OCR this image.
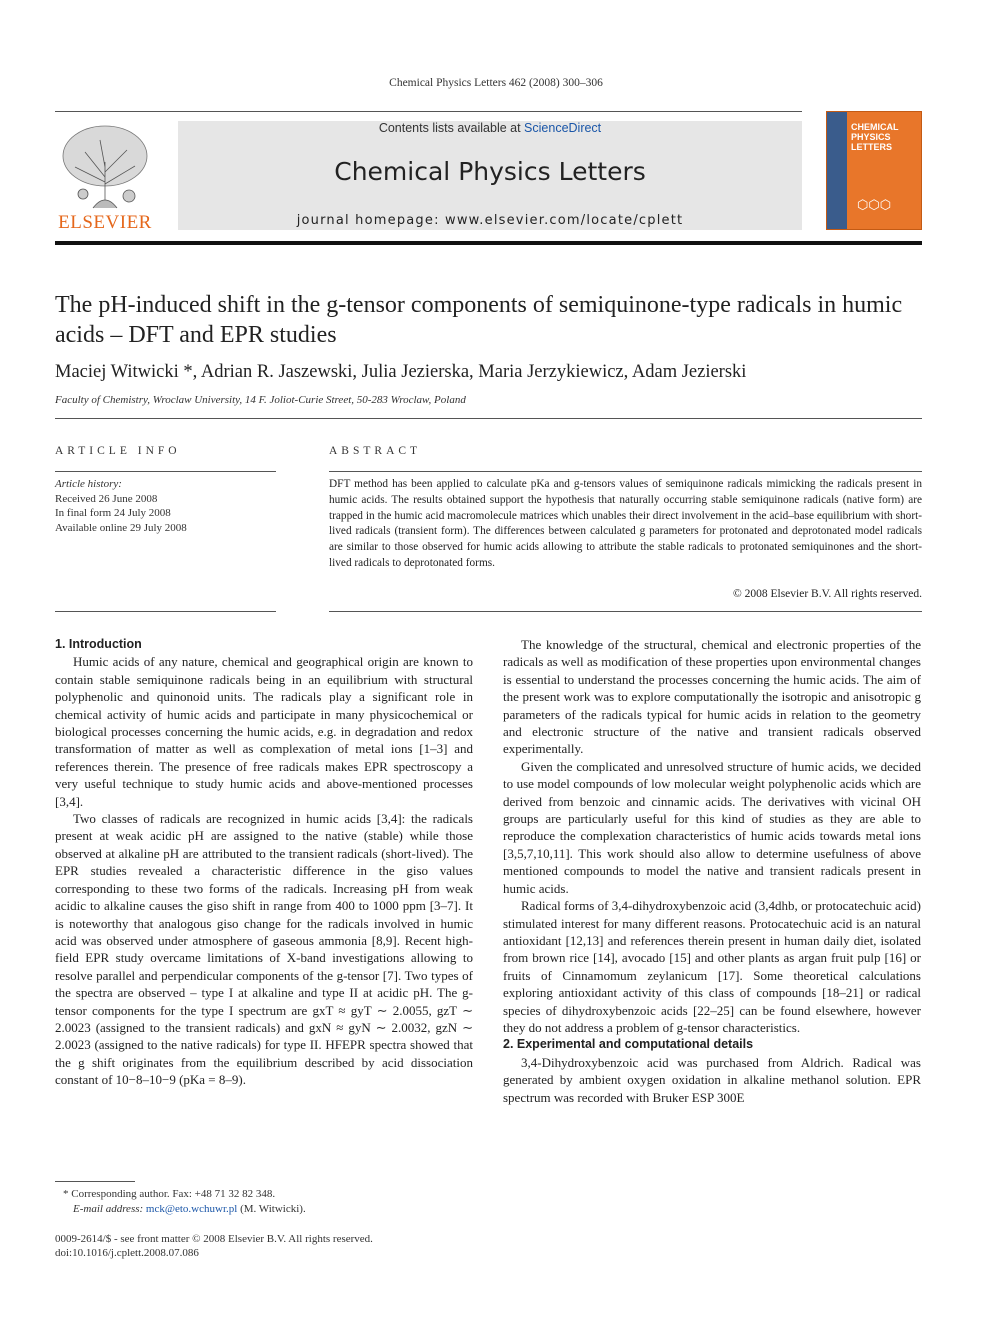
Chemical Physics Letters 462 (2008) 300–306
ELSEVIER
Contents lists available at ScienceDirect
Chemical Physics Letters
journal homepage: www.elsevier.com/locate/cplett
CHEMICAL
PHYSICS
LETTERS
⬡⬡⬡
The pH-induced shift in the g-tensor components of semiquinone-type radicals in humic acids – DFT and EPR studies
Maciej Witwicki *, Adrian R. Jaszewski, Julia Jezierska, Maria Jerzykiewicz, Adam Jezierski
Faculty of Chemistry, Wroclaw University, 14 F. Joliot-Curie Street, 50-283 Wroclaw, Poland
ARTICLE INFO	ABSTRACT
Article history:
Received 26 June 2008
In final form 24 July 2008
Available online 29 July 2008
DFT method has been applied to calculate pKa and g-tensors values of semiquinone radicals mimicking the radicals present in humic acids. The results obtained support the hypothesis that naturally occurring stable semiquinone radicals (native form) are trapped in the humic acid macromolecule matrices which unables their direct involvement in the acid–base equilibrium with short-lived radicals (transient form). The differences between calculated g parameters for protonated and deprotonated model radicals are similar to those observed for humic acids allowing to attribute the stable radicals to protonated semiquinones and the short-lived radicals to deprotonated forms.
© 2008 Elsevier B.V. All rights reserved.

1. Introduction

Humic acids of any nature, chemical and geographical origin are known to contain stable semiquinone radicals being in an equilibrium with structural polyphenolic and quinonoid units. The radicals play a significant role in chemical activity of humic acids and participate in many physicochemical or biological processes concerning the humic acids, e.g. in degradation and redox transformation of matter as well as complexation of metal ions [1–3] and references therein. The presence of free radicals makes EPR spectroscopy a very useful technique to study humic acids and above-mentioned processes [3,4].

Two classes of radicals are recognized in humic acids [3,4]: the radicals present at weak acidic pH are assigned to the native (stable) while those observed at alkaline pH are attributed to the transient radicals (short-lived). The EPR studies revealed a characteristic difference in the giso values corresponding to these two forms of the radicals. Increasing pH from weak acidic to alkaline causes the giso shift in range from 400 to 1000 ppm [3–7]. It is noteworthy that analogous giso change for the radicals involved in humic acid was observed under atmosphere of gaseous ammonia [8,9]. Recent high-field EPR study overcame limitations of X-band investigations allowing to resolve parallel and perpendicular components of the g-tensor [7]. Two types of the spectra are observed – type I at alkaline and type II at acidic pH. The g-tensor components for the type I spectrum are gxT ≈ gyT ∼ 2.0055, gzT ∼ 2.0023 (assigned to the transient radicals) and gxN ≈ gyN ∼ 2.0032, gzN ∼ 2.0023 (assigned to the native radicals) for type II. HFEPR spectra showed that the g shift originates from the equilibrium described by acid dissociation constant of 10−8–10−9 (pKa = 8–9).

The knowledge of the structural, chemical and electronic properties of the radicals as well as modification of these properties upon environmental changes is essential to understand the processes concerning the humic acids. The aim of the present work was to explore computationally the isotropic and anisotropic g parameters of the radicals typical for humic acids in relation to the geometry and electronic structure of the native and transient radicals observed experimentally.

Given the complicated and unresolved structure of humic acids, we decided to use model compounds of low molecular weight polyphenolic acids which are derived from benzoic and cinnamic acids. The derivatives with vicinal OH groups are particularly useful for this kind of studies as they are able to reproduce the complexation characteristics of humic acids towards metal ions [3,5,7,10,11]. This work should also allow to determine usefulness of above mentioned compounds to model the native and transient radicals present in humic acids.

Radical forms of 3,4-dihydroxybenzoic acid (3,4dhb, or protocatechuic acid) stimulated interest for many different reasons. Protocatechuic acid is an natural antioxidant [12,13] and references therein present in human daily diet, isolated from brown rice [14], avocado [15] and other plants as argan fruit pulp [16] or fruits of Cinnamomum zeylanicum [17]. Some theoretical calculations exploring antioxidant activity of this class of compounds [18–21] or radical species of dihydroxybenzoic acids [22–25] can be found elsewhere, however they do not address a problem of g-tensor characteristics.

2. Experimental and computational details

3,4-Dihydroxybenzoic acid was purchased from Aldrich. Radical was generated by ambient oxygen oxidation in alkaline methanol solution. EPR spectrum was recorded with Bruker ESP 300E

* Corresponding author. Fax: +48 71 32 82 348.
E-mail address: mck@eto.wchuwr.pl (M. Witwicki).
0009-2614/$ - see front matter © 2008 Elsevier B.V. All rights reserved.
doi:10.1016/j.cplett.2008.07.086
